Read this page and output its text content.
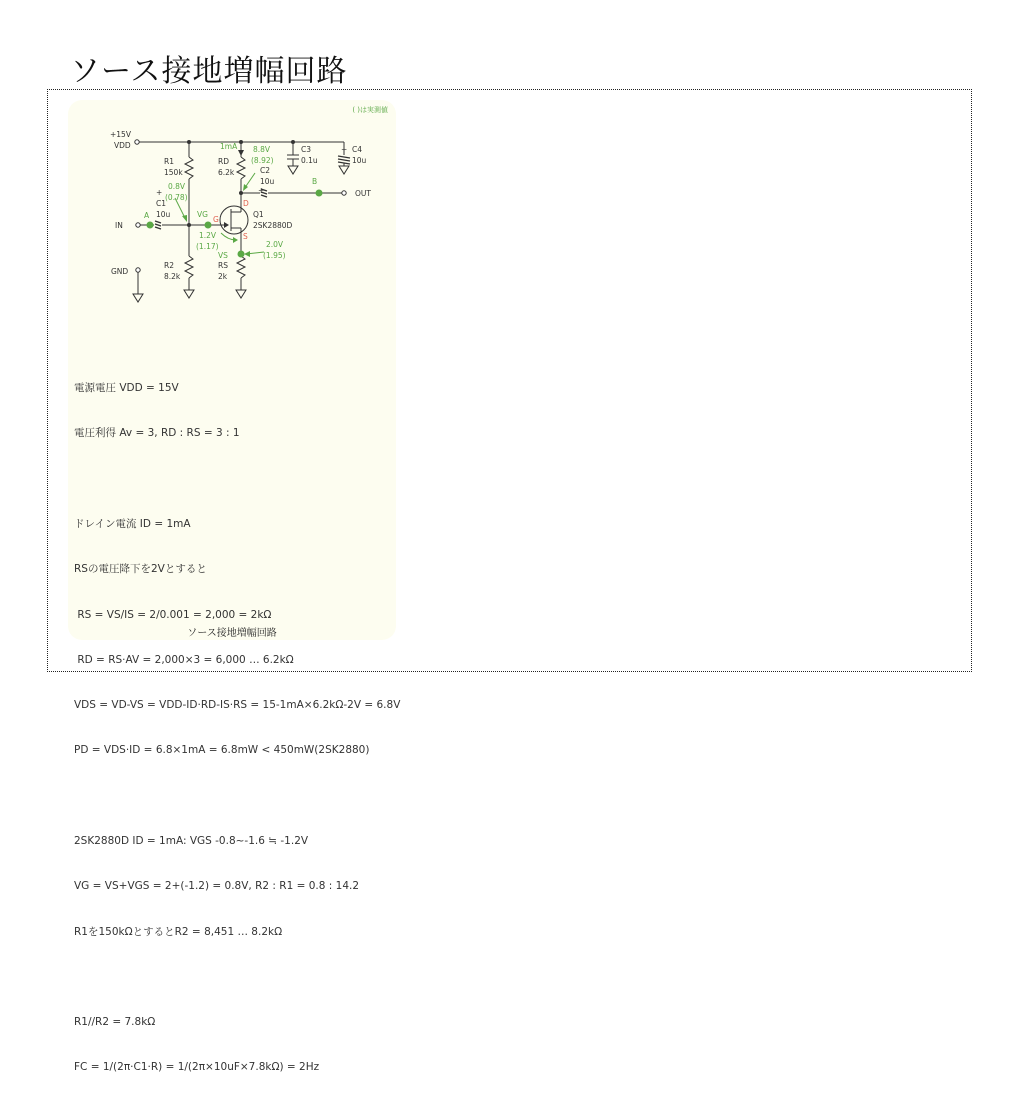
ソース接地増幅回路
( )は実測値
+15V
VDD
IN
OUT
GND
R1
150k
R2
8.2k
RD
6.2k
RS
2k
C1
10u
C2
10u
C3
0.1u
C4
10u
Q1
2SK2880D
D
G
S
+	+
+
A
B
VG
VS
1mA 8.8V
(8.92)
0.8V
(0.78)
1.2V
(1.17)	2.0V
(1.95)

電源電圧 VDD = 15V

電圧利得 Av = 3, RD : RS = 3 : 1

ドレイン電流 ID = 1mA

RSの電圧降下を2Vとすると

RS = VS/IS = 2/0.001 = 2,000 = 2kΩ

RD = RS·AV = 2,000×3 = 6,000 … 6.2kΩ

VDS = VD-VS = VDD-ID·RD-IS·RS = 15-1mA×6.2kΩ-2V = 6.8V

PD = VDS·ID = 6.8×1mA = 6.8mW < 450mW(2SK2880)

2SK2880D ID = 1mA: VGS -0.8~-1.6 ≒ -1.2V

VG = VS+VGS = 2+(-1.2) = 0.8V, R2 : R1 = 0.8 : 14.2

R1を150kΩとするとR2 = 8,451 … 8.2kΩ

R1//R2 = 7.8kΩ

FC = 1/(2π·C1·R) = 1/(2π×10uF×7.8kΩ) = 2Hz

ソース接地増幅回路
